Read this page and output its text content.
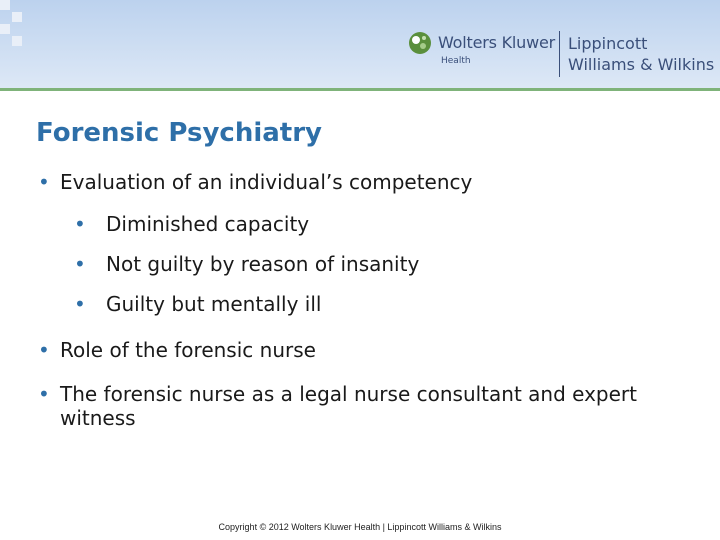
Wolters Kluwer
Health
Lippincott
Williams & Wilkins
Forensic Psychiatry
• Evaluation of an individual’s competency
•	Diminished capacity
•	Not guilty by reason of insanity
•	Guilty but mentally ill
• Role of the forensic nurse
• The forensic nurse as a legal nurse consultant and expert witness
Copyright © 2012 Wolters Kluwer Health | Lippincott Williams & Wilkins
